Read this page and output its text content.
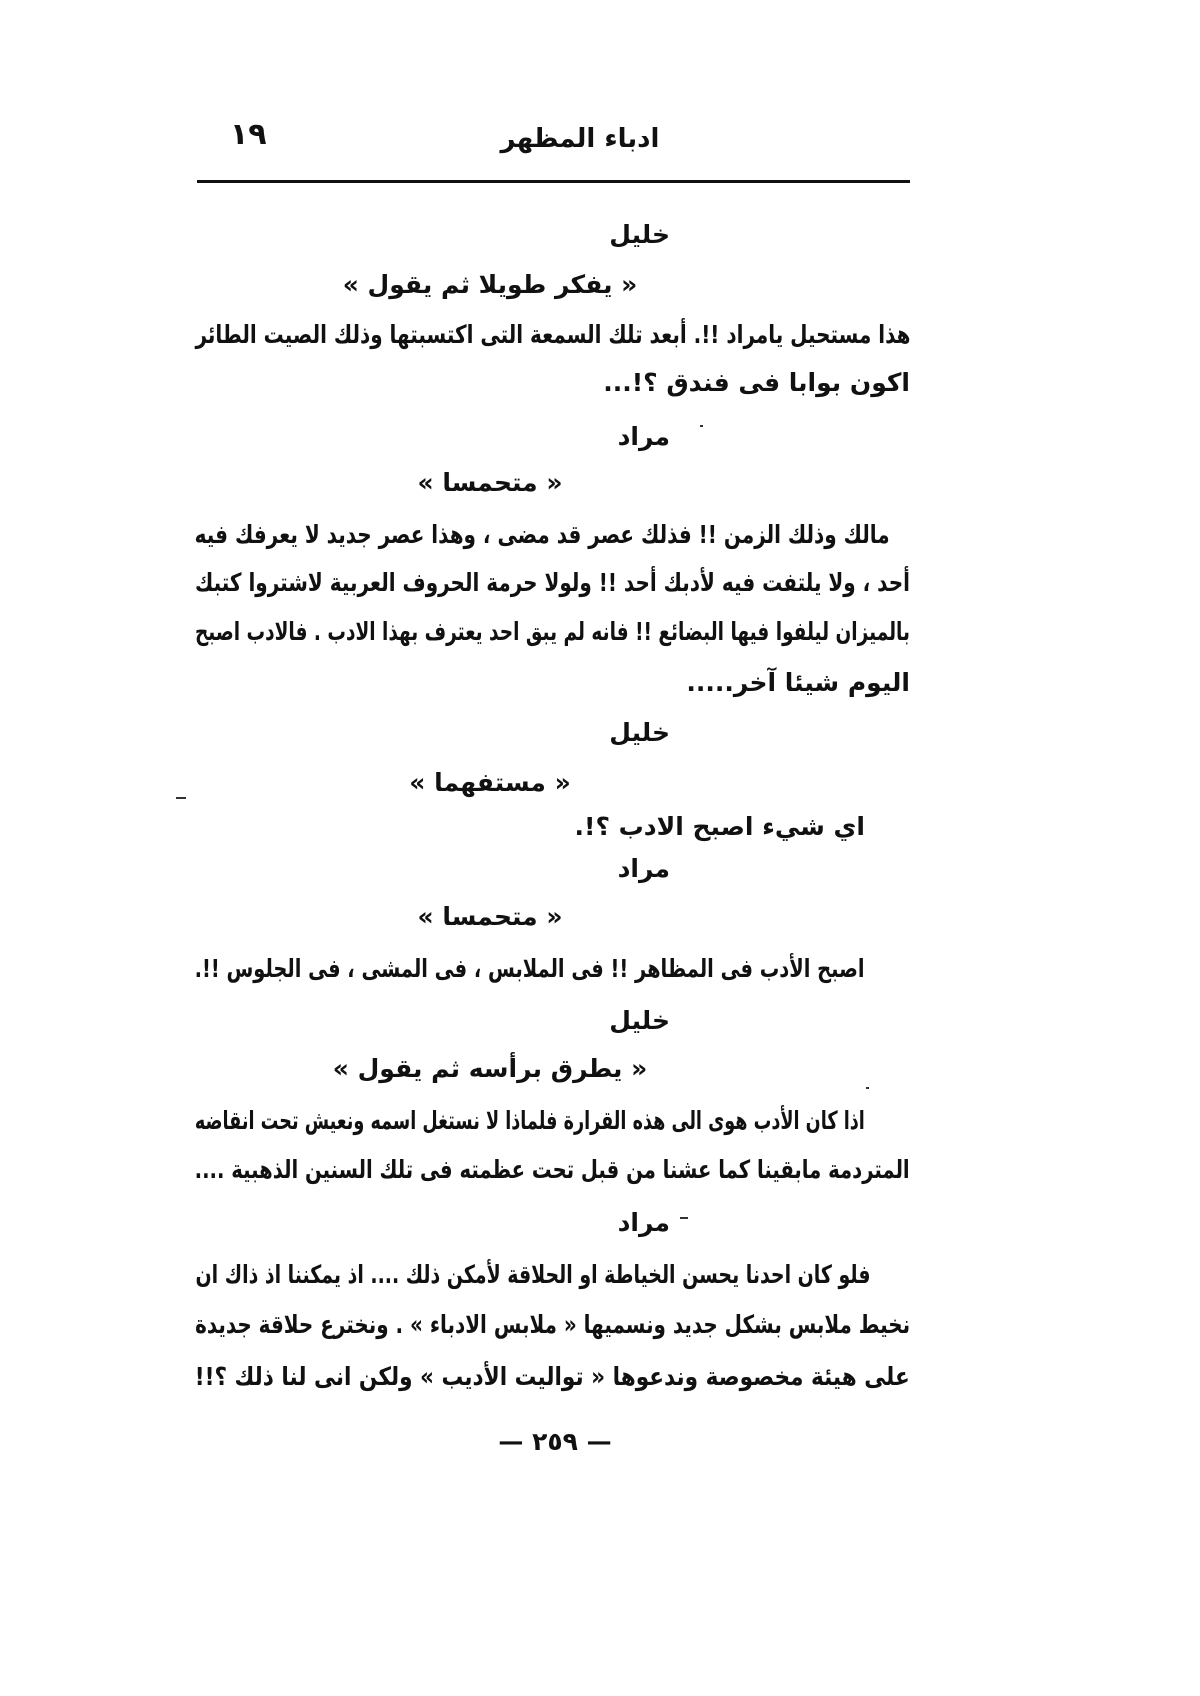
١٩	ادباء المظهر
خليل
« يفكر طويلا ثم يقول »
هذا مستحيل يامراد !!. أبعد تلك السمعة التى اكتسبتها وذلك الصيت الطائر
اكون بوابا فى فندق ؟!...
مراد
« متحمسا »
مالك وذلك الزمن !! فذلك عصر قد مضى ، وهذا عصر جديد لا يعرفك فيه
أحد ، ولا يلتفت فيه لأدبك أحد !! ولولا حرمة الحروف العربية لاشتروا كتبك
بالميزان ليلفوا فيها البضائع !! فانه لم يبق احد يعترف بهذا الادب . فالادب اصبح
اليوم شيئا آخر.....
خليل
« مستفهما »
اي شيء اصبح الادب ؟!.
مراد
« متحمسا »
اصبح الأدب فى المظاهر !! فى الملابس ، فى المشى ، فى الجلوس !!.
خليل
« يطرق برأسه ثم يقول »
اذا كان الأدب هوى الى هذه القرارة فلماذا لا نستغل اسمه ونعيش تحت انقاضه
المتردمة مابقينا كما عشنا من قبل تحت عظمته فى تلك السنين الذهبية ....
مراد
فلو كان احدنا يحسن الخياطة او الحلاقة لأمكن ذلك .... اذ يمكننا اذ ذاك ان
نخيط ملابس بشكل جديد ونسميها « ملابس الادباء » . ونخترع حلاقة جديدة
على هيئة مخصوصة وندعوها « تواليت الأديب » ولكن انى لنا ذلك ؟!!
— ٢٥٩ —
